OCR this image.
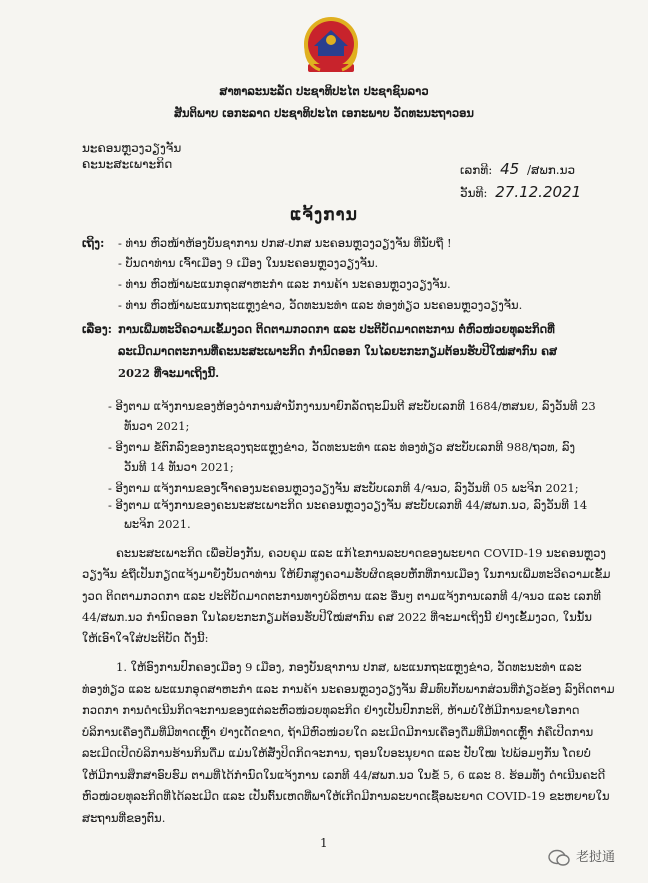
ສາທາລະນະລັດ ປະຊາທິປະໄຕ ປະຊາຊົນລາວ
ສັນຕິພາບ ເອກະລາດ ປະຊາທິປະໄຕ ເອກະພາບ ວັດທະນະຖາວອນ
ນະຄອນຫຼວງວຽງຈັນ
ຄະນະສະເພາະກິດ	ເລກທີ: 45 /ສພກ.ນວ
ວັນທີ: 27.12.2021
ແຈ້ງການ
ເຖິງ: - ທ່ານ ຫົວໜ້າຫ້ອງບັນຊາການ ປກສ-ປກສ ນະຄອນຫຼວງວຽງຈັນ ທີ່ນັບຖື !
- ບັນດາທ່ານ ເຈົ້າເມືອງ 9 ເມືອງ ໃນນະຄອນຫຼວງວຽງຈັນ.
- ທ່ານ ຫົວໜ້າພະແນກອຸດສາຫະກຳ ແລະ ການຄ້າ ນະຄອນຫຼວງວຽງຈັນ.
- ທ່ານ ຫົວໜ້າພະແນກຖະແຫຼງຂ່າວ, ວັດທະນະທຳ ແລະ ທ່ອງທ່ຽວ ນະຄອນຫຼວງວຽງຈັນ.
ເລື່ອງ: ການເພີ່ມທະວີຄວາມເຂັ້ມງວດ ຕິດຕາມກວດກາ ແລະ ປະຕິບັດມາດຕະການ ຕໍ່ຫົວໜ່ວຍທຸລະກິດທີ່
ລະເມີດມາດຕະການທີ່ຄະນະສະເພາະກິດ ກຳນົດອອກ ໃນໄລຍະກະກຽມຕ້ອນຮັບປີໃໝ່ສາກົນ ຄສ
2022 ທີ່ຈະມາເຖິງນີ້.
- ອີງຕາມ ແຈ້ງການຂອງຫ້ອງວ່າການສຳນັກງານນາຍົກລັດຖະມົນຕີ ສະບັບເລກທີ 1684/ຫສນຍ, ລົງວັນທີ 23
ທັນວາ 2021;
- ອີງຕາມ ຂໍ້ຕົກລົງຂອງກະຊວງຖະແຫຼງຂ່າວ, ວັດທະນະທຳ ແລະ ທ່ອງທ່ຽວ ສະບັບເລກທີ 988/ຖວທ, ລົງ
ວັນທີ 14 ທັນວາ 2021;
- ອີງຕາມ ແຈ້ງການຂອງເຈົ້າຄອງນະຄອນຫຼວງວຽງຈັນ ສະບັບເລກທີ 4/ຈນວ, ລົງວັນທີ 05 ພະຈິກ 2021;
- ອີງຕາມ ແຈ້ງການຂອງຄະນະສະເພາະກິດ ນະຄອນຫຼວງວຽງຈັນ ສະບັບເລກທີ 44/ສພກ.ນວ, ລົງວັນທີ 14
ພະຈິກ 2021.
ຄະນະສະເພາະກິດ ເພື່ອປ້ອງກັນ, ຄວບຄຸມ ແລະ ແກ້ໄຂການລະບາດຂອງພະຍາດ COVID-19 ນະຄອນຫຼວງ
ວຽງຈັນ ຂໍຖືເປັນກຽດແຈ້ງມາຍັງບັນດາທ່ານ ໃຫ້ຍົກສູງຄວາມຮັບຜິດຊອບຫັກທີ່ການເມືອງ ໃນການເພີ່ມທະວີຄວາມເຂັ້ມ
ງວດ ຕິດຕາມກວດກາ ແລະ ປະຕິບັດມາດຕະການທາງບໍລິຫານ ແລະ ອື່ນໆ ຕາມແຈ້ງການເລກທີ 4/ຈນວ ແລະ ເລກທີ
44/ສພກ.ນວ ກຳນົດອອກ ໃນໄລຍະກະກຽມຕ້ອນຮັບປີໃໝ່ສາກົນ ຄສ 2022 ທີ່ຈະມາເຖິງນີ້ ຢ່າງເຂັ້ມງວດ, ໃນນັ້ນ
ໃຫ້ເອົາໃຈໃສ່ປະຕິບັດ ດັ່ງນີ້:
1. ໃຫ້ອົງການປົກຄອງເມືອງ 9 ເມືອງ, ກອງບັນຊາການ ປກສ, ພະແນກຖະແຫຼງຂ່າວ, ວັດທະນະທຳ ແລະ
ທ່ອງທ່ຽວ ແລະ ພະແນກອຸດສາຫະກຳ ແລະ ການຄ້າ ນະຄອນຫຼວງວຽງຈັນ ສົມທົບກັບພາກສ່ວນທີ່ກ່ຽວຂ້ອງ ລົງຕິດຕາມ
ກວດກາ ການດຳເນີນກິດຈະການຂອງແຕ່ລະຫົວໜ່ວຍທຸລະກິດ ຢ່າງເປັນປົກກະຕິ, ຫ້າມບໍ່ໃຫ້ມີການຂາຍໂອກາດ
ບໍລິການເຄື່ອງດື່ມທີ່ມີທາດເຫຼົ້າ ຢ່າງເດັດຂາດ, ຖ້າມີຫົວໜ່ວຍໃດ ລະເມີດມີການເຄື່ອງດື່ມທີ່ມີທາດເຫຼົ້າ ກໍ່ຄືເປີດການ
ລະເມີດເປີດບໍລິການຮ້ານກິນດື່ມ ແມ່ນໃຫ້ສັ່ງປິດກິດຈະການ, ຖອນໃບອະນຸຍາດ ແລະ ປັບໃໝ ໄປພ້ອມໆກັນ ໂດຍບໍ່
ໃຫ້ມີການສຶກສາອົບຮົມ ຕາມທີ່ໄດ້ກຳນົດໃນແຈ້ງການ ເລກທີ 44/ສພກ.ນວ ໃນຂໍ້ 5, 6 ແລະ 8. ຮ້ອມທັງ ດຳເນີນຄະດີ
ຫົວໜ່ວຍທຸລະກິດທີ່ໄດ້ລະເມີດ ແລະ ເປັນຕົ້ນເຫດທີ່ພາໃຫ້ເກີດມີການລະບາດເຊື້ອພະຍາດ COVID-19 ຂະຫຍາຍໃນ
ສະຖານທີ່ຂອງຕົນ.
1
老挝通
